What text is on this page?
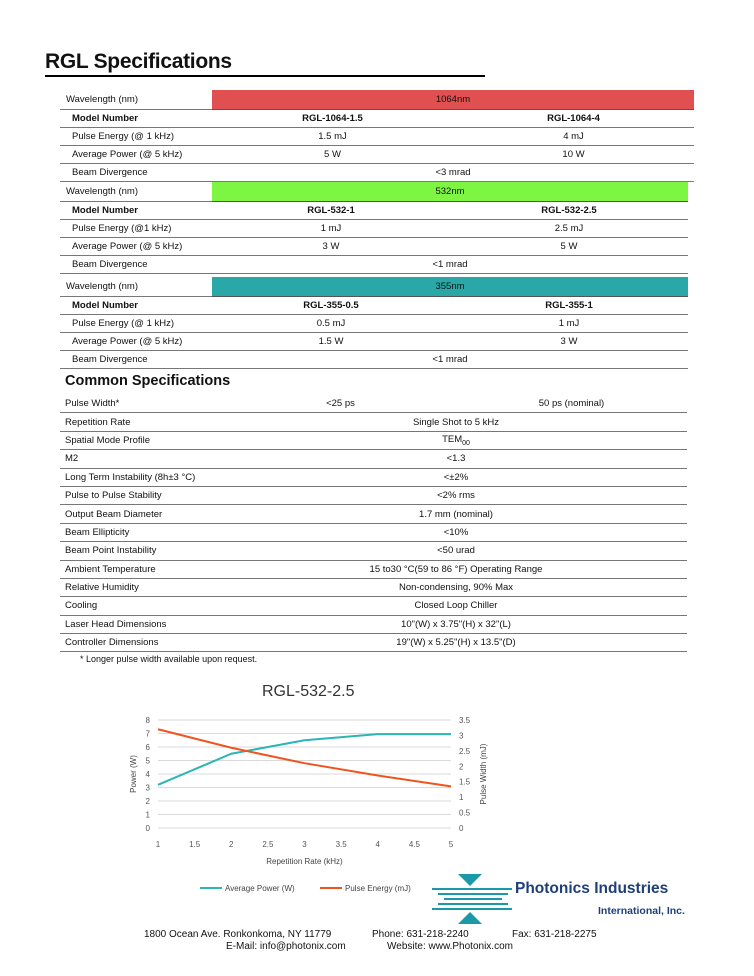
RGL Specifications
Wavelength (nm)	1064nm	
Model Number	RGL-1064-1.5	RGL-1064-4
Pulse Energy (@ 1 kHz)	1.5 mJ	4 mJ
Average Power (@ 5 kHz)	5 W	10 W
Beam Divergence	<3 mrad	
Wavelength (nm)	532nm	
Model Number	RGL-532-1	RGL-532-2.5
Pulse Energy (@1 kHz)	1 mJ	2.5 mJ
Average Power (@ 5 kHz)	3 W	5 W
Beam Divergence	<1 mrad	
Wavelength (nm)	355nm	
Model Number	RGL-355-0.5	RGL-355-1
Pulse Energy (@ 1 kHz)	0.5 mJ	1 mJ
Average Power (@ 5 kHz)	1.5 W	3 W
Beam Divergence	<1 mrad	
Common Specifications
Pulse Width*	<25 ps	50 ps (nominal)
Repetition Rate	Single Shot to 5 kHz	
Spatial Mode Profile	$TEM_{00}$
M2	<1.3	
Long Term Instability (8h±3 °C)	<±2%	
Pulse to Pulse Stability	<2% rms	
Output Beam Diameter	1.7 mm (nominal)	
Beam Ellipticity	<10%	
Beam Point Instability	<50 urad	
Ambient Temperature	15 to30 °C(59 to 86 °F) Operating Range	
Relative Humidity	Non-condensing, 90% Max	
Cooling	Closed Loop Chiller	
Laser Head Dimensions	10"(W) x 3.75"(H) x 32"(L)	
Controller Dimensions	19"(W) x 5.25"(H) x 13.5"(D)	
* Longer pulse width available upon request.
RGL-532-2.5
0
1
2
3
4
5
6
7
8
0
0.5
1
1.5
2
2.5
3
3.5
1	1.5	2	2.5	3	3.5	4	4.5	5
Repetition Rate (kHz)
Power (W)	Pulse Width (mJ)
Average Power (W)	Pulse Energy (mJ)	Photonics Industries
International, Inc.
1800 Ocean Ave. Ronkonkoma, NY 11779	Phone: 631-218-2240	Fax: 631-218-2275
E-Mail: info@photonix.com	Website: www.Photonix.com
